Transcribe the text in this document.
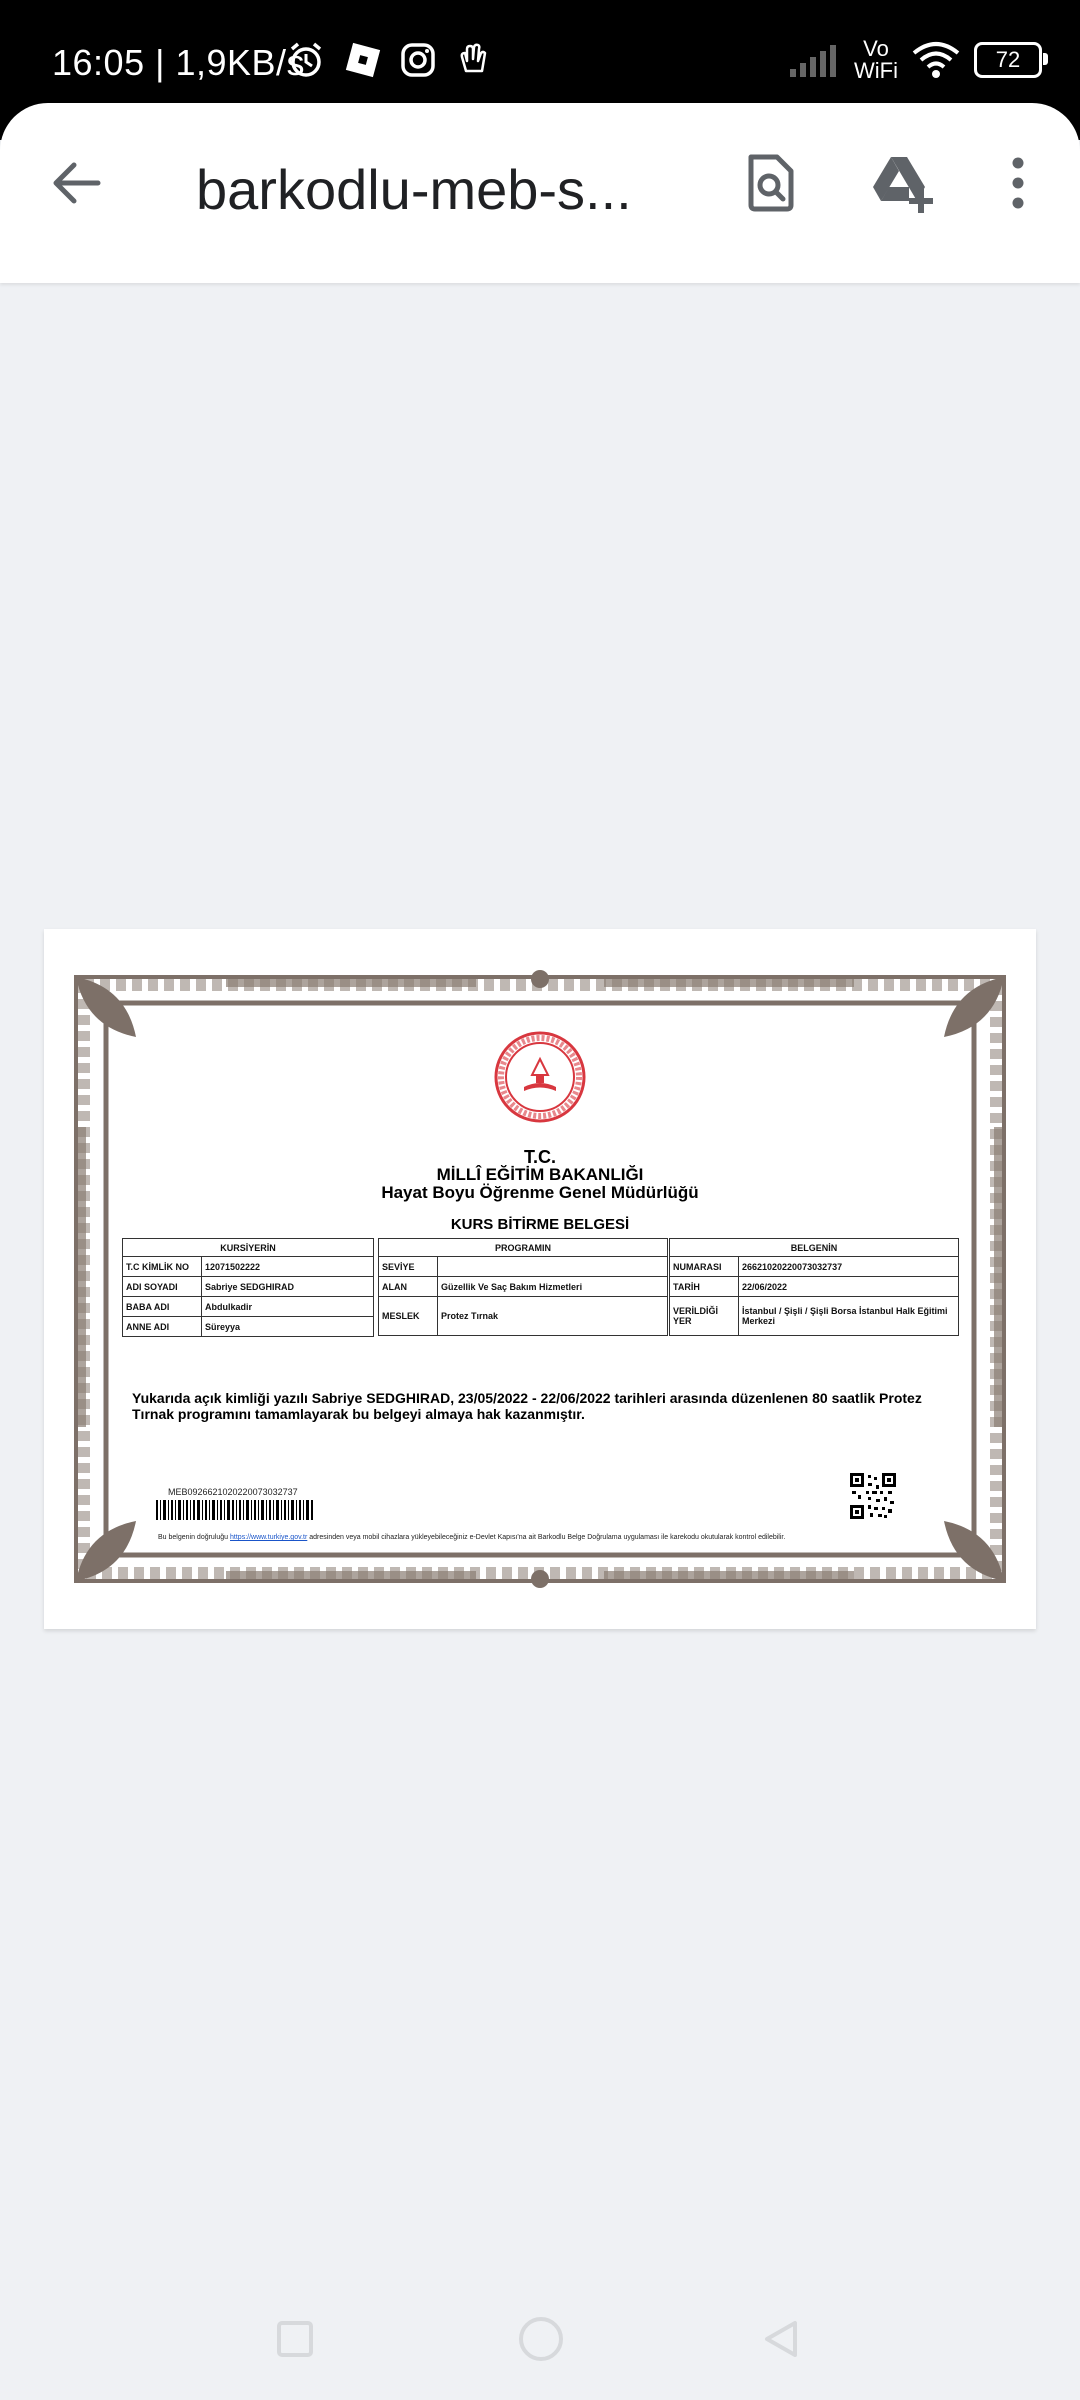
16:05 | 1,9KB/s	Vo
WiFi	72
barkodlu-meb-s...
T.C.
MİLLÎ EĞİTİM BAKANLIĞI
Hayat Boyu Öğrenme Genel Müdürlüğü
KURS BİTİRME BELGESİ
KURSİYERİN	
T.C KİMLİK NO	12071502222
ADI SOYADI	Sabriye SEDGHIRAD
BABA ADI	Abdulkadir
ANNE ADI	Süreyya
PROGRAMIN	
SEVİYE	
ALAN	Güzellik Ve Saç Bakım Hizmetleri
MESLEK	Protez Tırnak
BELGENİN	
NUMARASI	26621020220073032737
TARİH	22/06/2022
VERİLDİĞİ YER	İstanbul / Şişli / Şişli Borsa İstanbul Halk Eğitimi Merkezi
Yukarıda açık kimliği yazılı Sabriye SEDGHIRAD, 23/05/2022 - 22/06/2022 tarihleri arasında düzenlenen 80 saatlik Protez Tırnak programını tamamlayarak bu belgeyi almaya hak kazanmıştır.
MEB0926621020220073032737
Bu belgenin doğruluğu https://www.turkiye.gov.tr adresinden veya mobil cihazlara yükleyebileceğiniz e-Devlet Kapısı'na ait Barkodlu Belge Doğrulama uygulaması ile karekodu okutularak kontrol edilebilir.
